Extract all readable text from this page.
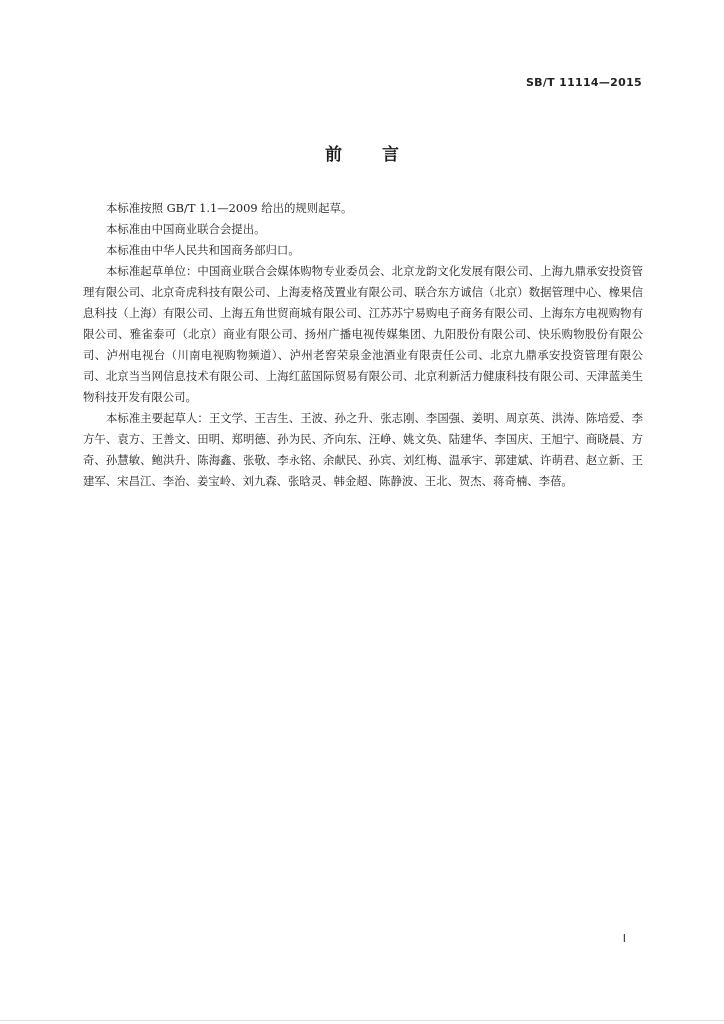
SB/T 11114—2015
前 言

本标准按照 GB/T 1.1—2009 给出的规则起草。

本标准由中国商业联合会提出。

本标准由中华人民共和国商务部归口。

本标准起草单位：中国商业联合会媒体购物专业委员会、北京龙韵文化发展有限公司、上海九鼎承安投资管理有限公司、北京奇虎科技有限公司、上海麦格茂置业有限公司、联合东方诚信（北京）数据管理中心、橡果信息科技（上海）有限公司、上海五角世贸商城有限公司、江苏苏宁易购电子商务有限公司、上海东方电视购物有限公司、雅雀泰可（北京）商业有限公司、扬州广播电视传媒集团、九阳股份有限公司、快乐购物股份有限公司、泸州电视台（川南电视购物频道）、泸州老窖荣泉金池酒业有限责任公司、北京九鼎承安投资管理有限公司、北京当当网信息技术有限公司、上海红蓝国际贸易有限公司、北京利新活力健康科技有限公司、天津蓝美生物科技开发有限公司。

本标准主要起草人：王文学、王吉生、王波、孙之升、张志刚、李国强、姜明、周京英、洪涛、陈培爱、李方午、袁方、王善文、田明、郑明德、孙为民、齐向东、汪峥、姚文奂、陆建华、李国庆、王旭宁、商晓晨、方奇、孙慧敏、鲍洪升、陈海鑫、张敬、李永铭、余献民、孙宾、刘红梅、温承宇、郭建斌、许萌君、赵立新、王建军、宋昌江、李治、姜宝岭、刘九森、张晗灵、韩金超、陈静波、王北、贺杰、蒋奇楠、李蓓。

I
